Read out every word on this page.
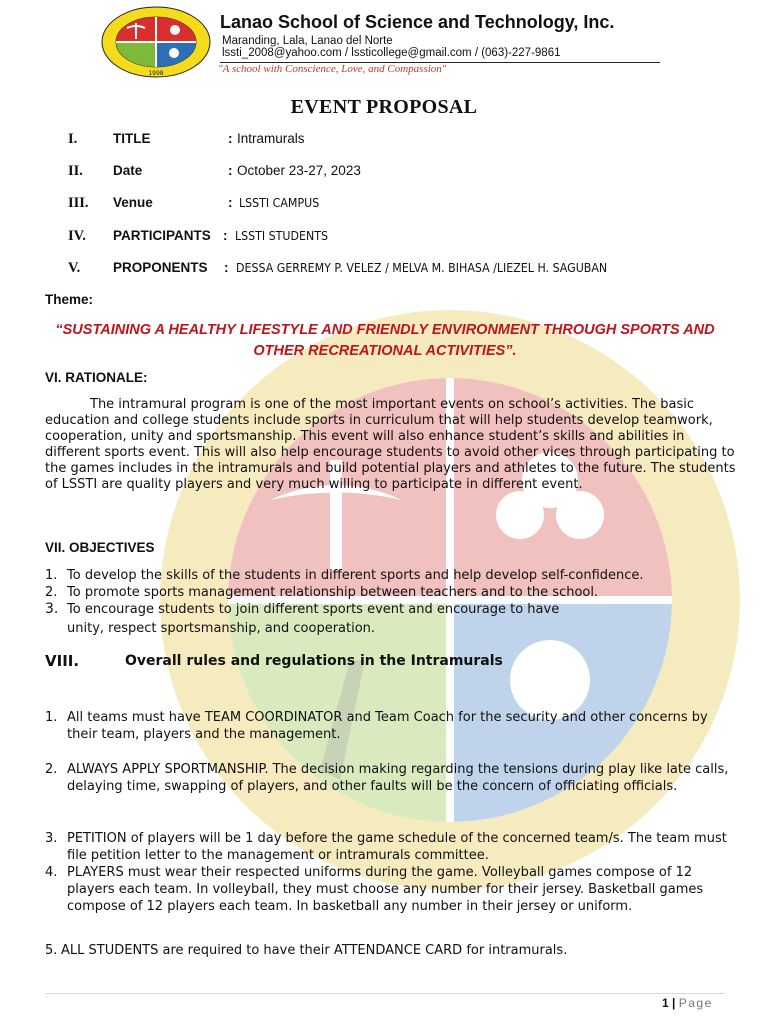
1998
Lanao School of Science and Technology, Inc.
Maranding, Lala, Lanao del Norte
lssti_2008@yahoo.com / lssticollege@gmail.com / (063)-227-9861
"A school with Conscience, Love, and Compassion"
EVENT PROPOSAL
I.	TITLE	: Intramurals
II. Date	: October 23-27, 2023
III. Venue	: LSSTI CAMPUS
IV. PARTICIPANTS : LSSTI STUDENTS
V. PROPONENTS : DESSA GERREMY P. VELEZ / MELVA M. BIHASA /LIEZEL H. SAGUBAN
Theme:
“SUSTAINING A HEALTHY LIFESTYLE AND FRIENDLY ENVIRONMENT THROUGH SPORTS AND OTHER RECREATIONAL ACTIVITIES”.
VI. RATIONALE:
The intramural program is one of the most important events on school’s activities. The basic education and college students include sports in curriculum that will help students develop teamwork, cooperation, unity and sportsmanship. This event will also enhance student’s skills and abilities in different sports event. This will also help encourage students to avoid other vices through participating to the games includes in the intramurals and build potential players and athletes to the future. The students of LSSTI are quality players and very much willing to participate in different event.
VII. OBJECTIVES
1. To develop the skills of the students in different sports and help develop self-confidence.
2. To promote sports management relationship between teachers and to the school.
3. To encourage students to join different sports event and encourage to have
unity, respect sportsmanship, and cooperation.
VIII.	Overall rules and regulations in the Intramurals
1. All teams must have TEAM COORDINATOR and Team Coach for the security and other concerns by their team, players and the management.
2. ALWAYS APPLY SPORTMANSHIP. The decision making regarding the tensions during play like late calls, delaying time, swapping of players, and other faults will be the concern of officiating officials.
3. PETITION of players will be 1 day before the game schedule of the concerned team/s. The team must file petition letter to the management or intramurals committee.
4. PLAYERS must wear their respected uniforms during the game. Volleyball games compose of 12 players each team. In volleyball, they must choose any number for their jersey. Basketball games compose of 12 players each team. In basketball any number in their jersey or uniform.
5. ALL STUDENTS are required to have their ATTENDANCE CARD for intramurals.
1 | Page
